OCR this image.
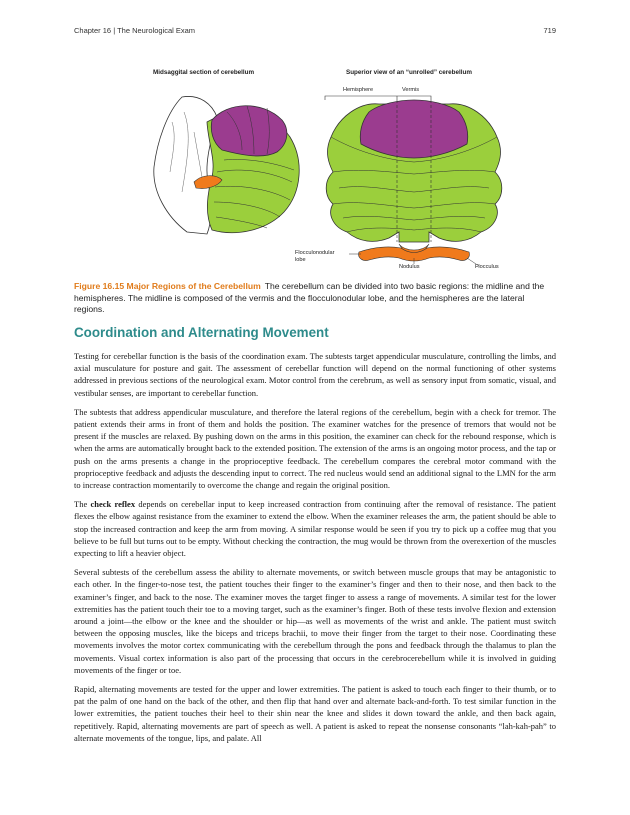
Chapter 16 | The Neurological Exam	719
Midsaggital section of cerebellum	Superior view of an “unrolled” cerebellum
Hemisphere	Vermis
Flocculonodular
lobe
Nodulus	Flocculus
Figure 16.15 Major Regions of the Cerebellum The cerebellum can be divided into two basic regions: the midline and the hemispheres. The midline is composed of the vermis and the flocculonodular lobe, and the hemispheres are the lateral regions.
Coordination and Alternating Movement

Testing for cerebellar function is the basis of the coordination exam. The subtests target appendicular musculature, controlling the limbs, and axial musculature for posture and gait. The assessment of cerebellar function will depend on the normal functioning of other systems addressed in previous sections of the neurological exam. Motor control from the cerebrum, as well as sensory input from somatic, visual, and vestibular senses, are important to cerebellar function.

The subtests that address appendicular musculature, and therefore the lateral regions of the cerebellum, begin with a check for tremor. The patient extends their arms in front of them and holds the position. The examiner watches for the presence of tremors that would not be present if the muscles are relaxed. By pushing down on the arms in this position, the examiner can check for the rebound response, which is when the arms are automatically brought back to the extended position. The extension of the arms is an ongoing motor process, and the tap or push on the arms presents a change in the proprioceptive feedback. The cerebellum compares the cerebral motor command with the proprioceptive feedback and adjusts the descending input to correct. The red nucleus would send an additional signal to the LMN for the arm to increase contraction momentarily to overcome the change and regain the original position.

The check reflex depends on cerebellar input to keep increased contraction from continuing after the removal of resistance. The patient flexes the elbow against resistance from the examiner to extend the elbow. When the examiner releases the arm, the patient should be able to stop the increased contraction and keep the arm from moving. A similar response would be seen if you try to pick up a coffee mug that you believe to be full but turns out to be empty. Without checking the contraction, the mug would be thrown from the overexertion of the muscles expecting to lift a heavier object.

Several subtests of the cerebellum assess the ability to alternate movements, or switch between muscle groups that may be antagonistic to each other. In the finger-to-nose test, the patient touches their finger to the examiner’s finger and then to their nose, and then back to the examiner’s finger, and back to the nose. The examiner moves the target finger to assess a range of movements. A similar test for the lower extremities has the patient touch their toe to a moving target, such as the examiner’s finger. Both of these tests involve flexion and extension around a joint—the elbow or the knee and the shoulder or hip—as well as movements of the wrist and ankle. The patient must switch between the opposing muscles, like the biceps and triceps brachii, to move their finger from the target to their nose. Coordinating these movements involves the motor cortex communicating with the cerebellum through the pons and feedback through the thalamus to plan the movements. Visual cortex information is also part of the processing that occurs in the cerebrocerebellum while it is involved in guiding movements of the finger or toe.

Rapid, alternating movements are tested for the upper and lower extremities. The patient is asked to touch each finger to their thumb, or to pat the palm of one hand on the back of the other, and then flip that hand over and alternate back-and-forth. To test similar function in the lower extremities, the patient touches their heel to their shin near the knee and slides it down toward the ankle, and then back again, repetitively. Rapid, alternating movements are part of speech as well. A patient is asked to repeat the nonsense consonants “lah-kah-pah” to alternate movements of the tongue, lips, and palate. All
